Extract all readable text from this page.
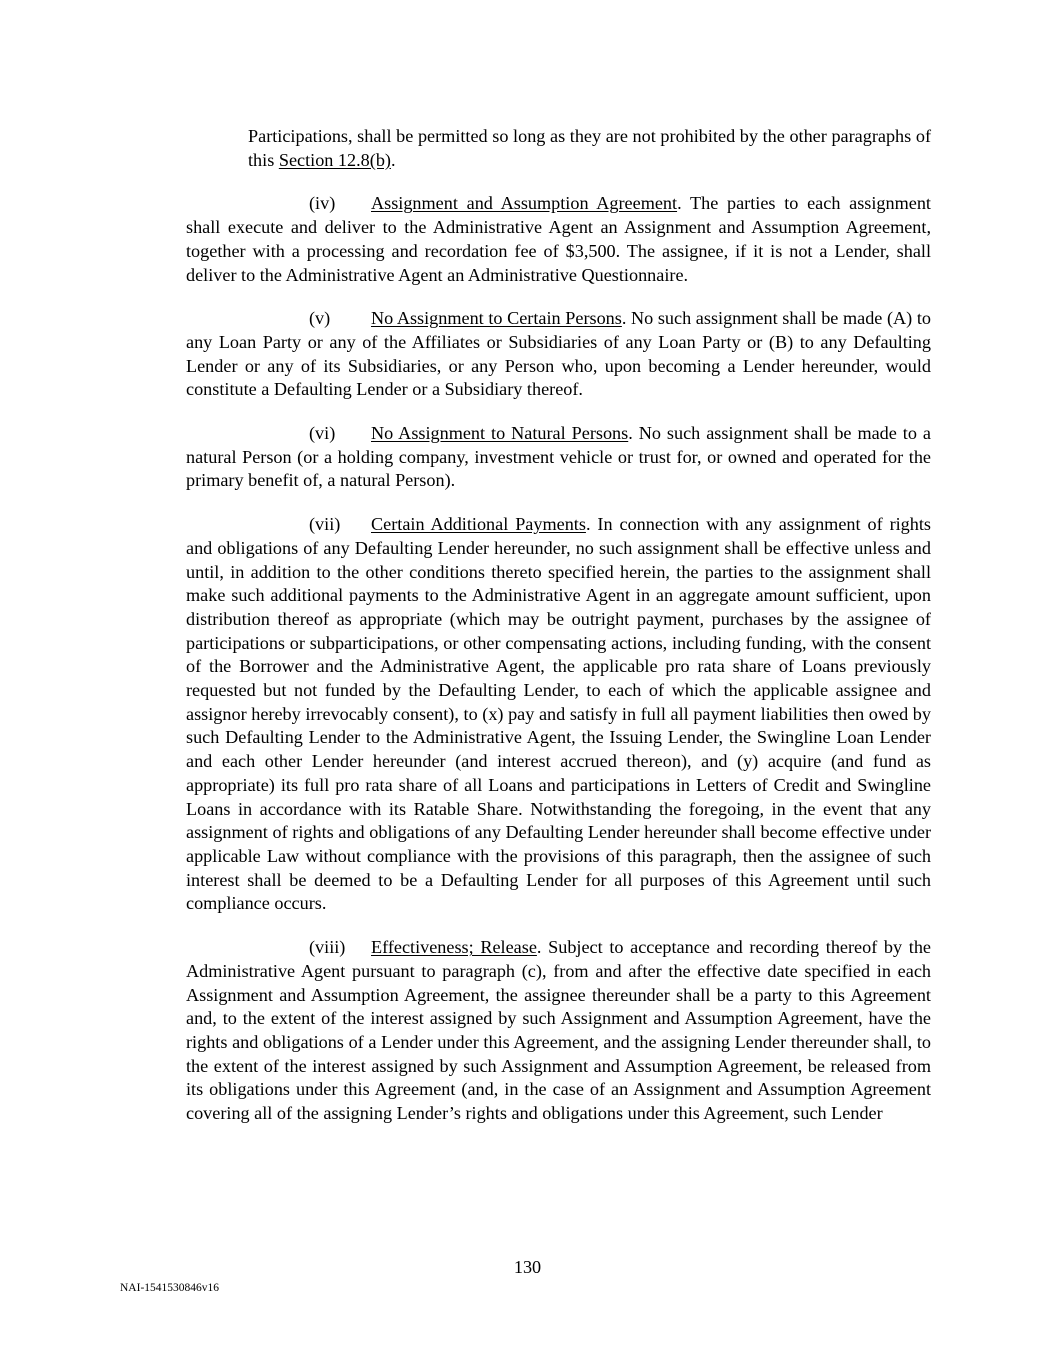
Participations, shall be permitted so long as they are not prohibited by the other paragraphs of this Section 12.8(b).

(iv) Assignment and Assumption Agreement. The parties to each assignment shall execute and deliver to the Administrative Agent an Assignment and Assumption Agreement, together with a processing and recordation fee of $3,500. The assignee, if it is not a Lender, shall deliver to the Administrative Agent an Administrative Questionnaire.

(v) No Assignment to Certain Persons. No such assignment shall be made (A) to any Loan Party or any of the Affiliates or Subsidiaries of any Loan Party or (B) to any Defaulting Lender or any of its Subsidiaries, or any Person who, upon becoming a Lender hereunder, would constitute a Defaulting Lender or a Subsidiary thereof.

(vi) No Assignment to Natural Persons. No such assignment shall be made to a natural Person (or a holding company, investment vehicle or trust for, or owned and operated for the primary benefit of, a natural Person).

(vii) Certain Additional Payments. In connection with any assignment of rights and obligations of any Defaulting Lender hereunder, no such assignment shall be effective unless and until, in addition to the other conditions thereto specified herein, the parties to the assignment shall make such additional payments to the Administrative Agent in an aggregate amount sufficient, upon distribution thereof as appropriate (which may be outright payment, purchases by the assignee of participations or subparticipations, or other compensating actions, including funding, with the consent of the Borrower and the Administrative Agent, the applicable pro rata share of Loans previously requested but not funded by the Defaulting Lender, to each of which the applicable assignee and assignor hereby irrevocably consent), to (x) pay and satisfy in full all payment liabilities then owed by such Defaulting Lender to the Administrative Agent, the Issuing Lender, the Swingline Loan Lender and each other Lender hereunder (and interest accrued thereon), and (y) acquire (and fund as appropriate) its full pro rata share of all Loans and participations in Letters of Credit and Swingline Loans in accordance with its Ratable Share. Notwithstanding the foregoing, in the event that any assignment of rights and obligations of any Defaulting Lender hereunder shall become effective under applicable Law without compliance with the provisions of this paragraph, then the assignee of such interest shall be deemed to be a Defaulting Lender for all purposes of this Agreement until such compliance occurs.

(viii) Effectiveness; Release. Subject to acceptance and recording thereof by the Administrative Agent pursuant to paragraph (c), from and after the effective date specified in each Assignment and Assumption Agreement, the assignee thereunder shall be a party to this Agreement and, to the extent of the interest assigned by such Assignment and Assumption Agreement, have the rights and obligations of a Lender under this Agreement, and the assigning Lender thereunder shall, to the extent of the interest assigned by such Assignment and Assumption Agreement, be released from its obligations under this Agreement (and, in the case of an Assignment and Assumption Agreement covering all of the assigning Lender’s rights and obligations under this Agreement, such Lender

130
NAI-1541530846v16
